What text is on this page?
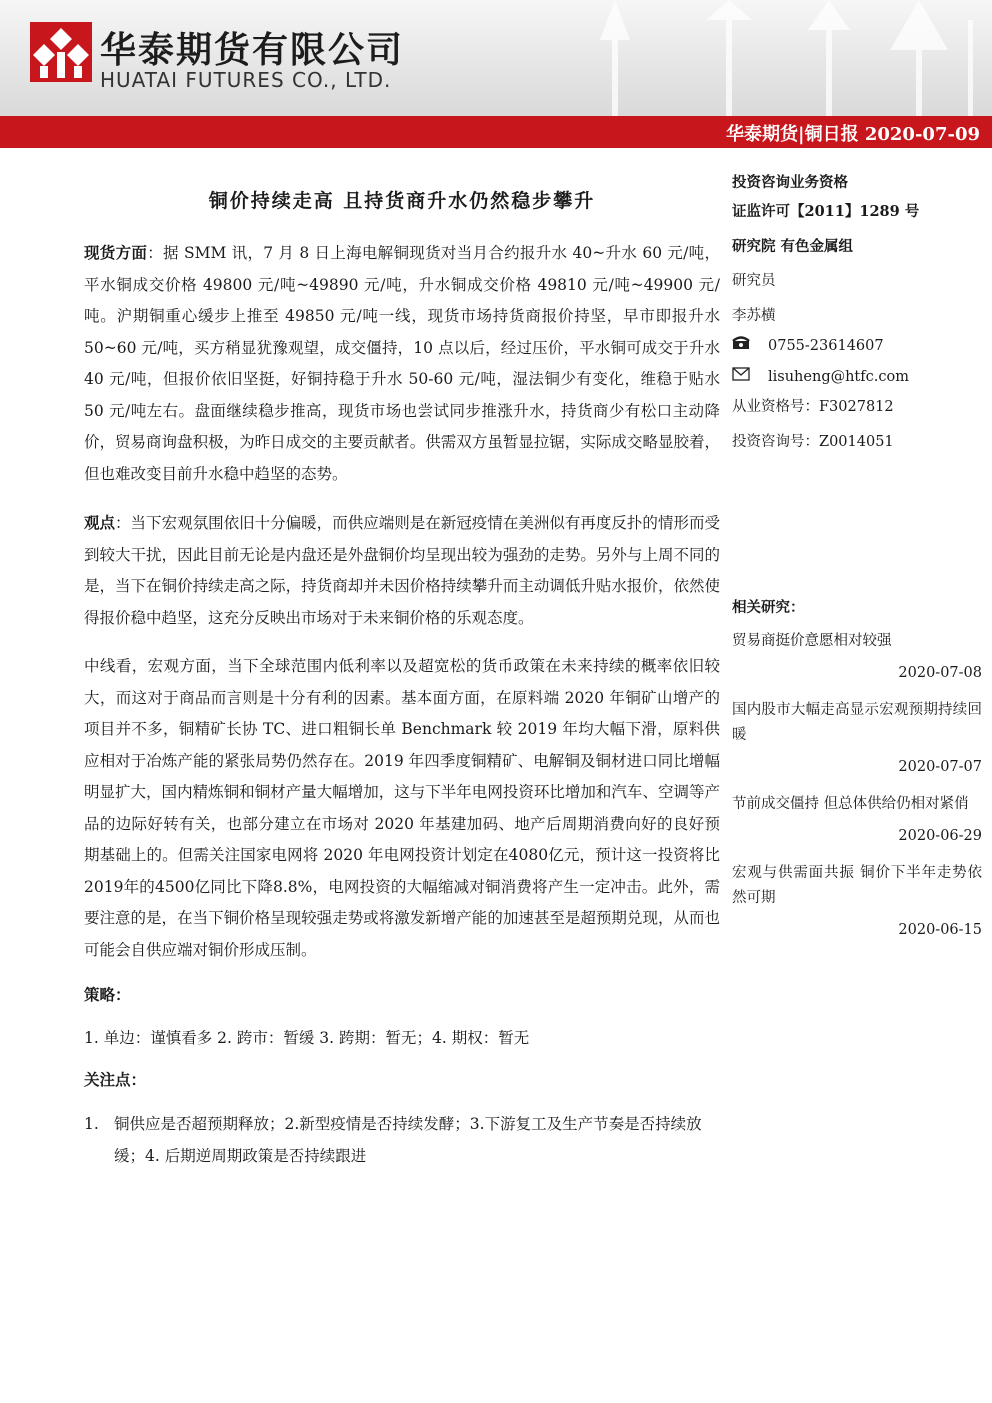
华泰期货有限公司
HUATAI FUTURES CO., LTD.
华泰期货|铜日报 2020-07-09
铜价持续走高 且持货商升水仍然稳步攀升

现货方面：据 SMM 讯，7 月 8 日上海电解铜现货对当月合约报升水 40~升水 60 元/吨，平水铜成交价格 49800 元/吨~49890 元/吨，升水铜成交价格 49810 元/吨~49900 元/吨。沪期铜重心缓步上推至 49850 元/吨一线，现货市场持货商报价持坚，早市即报升水 50~60 元/吨，买方稍显犹豫观望，成交僵持，10 点以后，经过压价，平水铜可成交于升水 40 元/吨，但报价依旧坚挺，好铜持稳于升水 50-60 元/吨，湿法铜少有变化，维稳于贴水 50 元/吨左右。盘面继续稳步推高，现货市场也尝试同步推涨升水，持货商少有松口主动降价，贸易商询盘积极，为昨日成交的主要贡献者。供需双方虽暂显拉锯，实际成交略显胶着，但也难改变目前升水稳中趋坚的态势。

观点：当下宏观氛围依旧十分偏暖，而供应端则是在新冠疫情在美洲似有再度反扑的情形而受到较大干扰，因此目前无论是内盘还是外盘铜价均呈现出较为强劲的走势。另外与上周不同的是，当下在铜价持续走高之际，持货商却并未因价格持续攀升而主动调低升贴水报价，依然使得报价稳中趋坚，这充分反映出市场对于未来铜价格的乐观态度。

中线看，宏观方面，当下全球范围内低利率以及超宽松的货币政策在未来持续的概率依旧较大，而这对于商品而言则是十分有利的因素。基本面方面，在原料端 2020 年铜矿山增产的项目并不多，铜精矿长协 TC、进口粗铜长单 Benchmark 较 2019 年均大幅下滑，原料供应相对于冶炼产能的紧张局势仍然存在。2019 年四季度铜精矿、电解铜及铜材进口同比增幅明显扩大，国内精炼铜和铜材产量大幅增加，这与下半年电网投资环比增加和汽车、空调等产品的边际好转有关，也部分建立在市场对 2020 年基建加码、地产后周期消费向好的良好预期基础上的。但需关注国家电网将 2020 年电网投资计划定在4080亿元，预计这一投资将比2019年的4500亿同比下降8.8%，电网投资的大幅缩减对铜消费将产生一定冲击。此外，需要注意的是，在当下铜价格呈现较强走势或将激发新增产能的加速甚至是超预期兑现，从而也可能会自供应端对铜价形成压制。

策略：
1. 单边：谨慎看多 2. 跨市：暂缓 3. 跨期：暂无；4. 期权：暂无
关注点：
1. 铜供应是否超预期释放；2.新型疫情是否持续发酵；3.下游复工及生产节奏是否持续放缓；4. 后期逆周期政策是否持续跟进
投资咨询业务资格
证监许可【2011】1289 号
研究院 有色金属组
研究员
李苏横
0755-23614607
lisuheng@htfc.com
从业资格号：F3027812
投资咨询号：Z0014051
相关研究：
贸易商挺价意愿相对较强
2020-07-08
国内股市大幅走高显示宏观预期持续回暖
2020-07-07
节前成交僵持 但总体供给仍相对紧俏
2020-06-29
宏观与供需面共振 铜价下半年走势依然可期
2020-06-15
